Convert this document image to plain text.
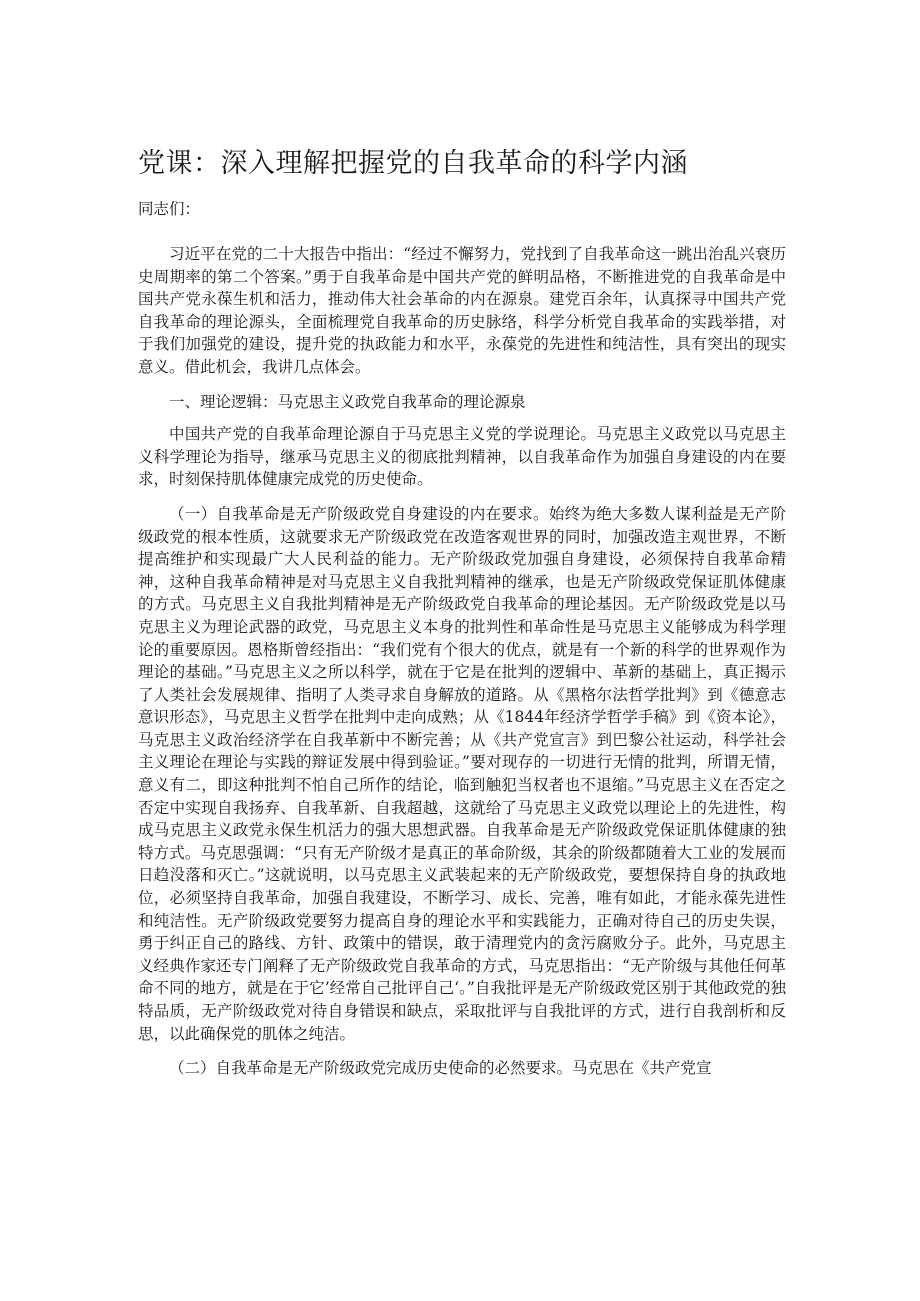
党课：深入理解把握党的自我革命的科学内涵
同志们：

习近平在党的二十大报告中指出：“经过不懈努力，党找到了自我革命这一跳出治乱兴衰历史周期率的第二个答案。”勇于自我革命是中国共产党的鲜明品格，不断推进党的自我革命是中国共产党永葆生机和活力，推动伟大社会革命的内在源泉。建党百余年，认真探寻中国共产党自我革命的理论源头，全面梳理党自我革命的历史脉络，科学分析党自我革命的实践举措，对于我们加强党的建设，提升党的执政能力和水平，永葆党的先进性和纯洁性，具有突出的现实意义。借此机会，我讲几点体会。

一、理论逻辑：马克思主义政党自我革命的理论源泉

中国共产党的自我革命理论源自于马克思主义党的学说理论。马克思主义政党以马克思主义科学理论为指导，继承马克思主义的彻底批判精神，以自我革命作为加强自身建设的内在要求，时刻保持肌体健康完成党的历史使命。

（一）自我革命是无产阶级政党自身建设的内在要求。始终为绝大多数人谋利益是无产阶级政党的根本性质，这就要求无产阶级政党在改造客观世界的同时，加强改造主观世界，不断提高维护和实现最广大人民利益的能力。无产阶级政党加强自身建设，必须保持自我革命精神，这种自我革命精神是对马克思主义自我批判精神的继承，也是无产阶级政党保证肌体健康的方式。马克思主义自我批判精神是无产阶级政党自我革命的理论基因。无产阶级政党是以马克思主义为理论武器的政党，马克思主义本身的批判性和革命性是马克思主义能够成为科学理论的重要原因。恩格斯曾经指出：“我们党有个很大的优点，就是有一个新的科学的世界观作为理论的基础。”马克思主义之所以科学，就在于它是在批判的逻辑中、革新的基础上，真正揭示了人类社会发展规律、指明了人类寻求自身解放的道路。从《黑格尔法哲学批判》到《德意志意识形态》，马克思主义哲学在批判中走向成熟；从《1844年经济学哲学手稿》到《资本论》，马克思主义政治经济学在自我革新中不断完善；从《共产党宣言》到巴黎公社运动，科学社会主义理论在理论与实践的辩证发展中得到验证。”要对现存的一切进行无情的批判，所谓无情，意义有二，即这种批判不怕自己所作的结论，临到触犯当权者也不退缩。”马克思主义在否定之否定中实现自我扬弃、自我革新、自我超越，这就给了马克思主义政党以理论上的先进性，构成马克思主义政党永保生机活力的强大思想武器。自我革命是无产阶级政党保证肌体健康的独特方式。马克思强调：“只有无产阶级才是真正的革命阶级，其余的阶级都随着大工业的发展而日趋没落和灭亡。”这就说明，以马克思主义武装起来的无产阶级政党，要想保持自身的执政地位，必须坚持自我革命，加强自我建设，不断学习、成长、完善，唯有如此，才能永葆先进性和纯洁性。无产阶级政党要努力提高自身的理论水平和实践能力，正确对待自己的历史失误，勇于纠正自己的路线、方针、政策中的错误，敢于清理党内的贪污腐败分子。此外，马克思主义经典作家还专门阐释了无产阶级政党自我革命的方式，马克思指出：“无产阶级与其他任何革命不同的地方，就是在于它’经常自己批评自己‘。”自我批评是无产阶级政党区别于其他政党的独特品质，无产阶级政党对待自身错误和缺点，采取批评与自我批评的方式，进行自我剖析和反思，以此确保党的肌体之纯洁。

（二）自我革命是无产阶级政党完成历史使命的必然要求。马克思在《共产党宣
